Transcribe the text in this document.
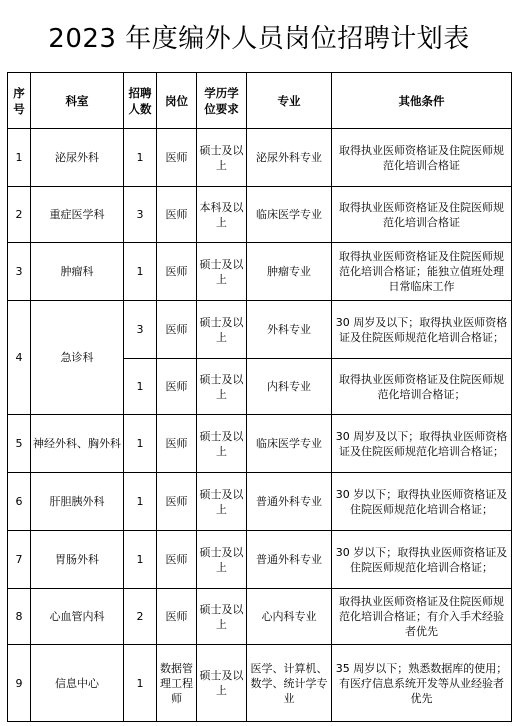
2023 年度编外人员岗位招聘计划表
序号	科室	招聘人数	岗位	学历学位要求	专业	其他条件
1	泌尿外科	1	医师	硕士及以上	泌尿外科专业	取得执业医师资格证及住院医师规范化培训合格证
2	重症医学科	3	医师	本科及以上	临床医学专业	取得执业医师资格证及住院医师规范化培训合格证
3	肿瘤科	1	医师	硕士及以上	肿瘤专业	取得执业医师资格证及住院医师规范化培训合格证；能独立值班处理日常临床工作
4	急诊科	3	医师	硕士及以上	外科专业	30 周岁及以下；取得执业医师资格证及住院医师规范化培训合格证；
		1	医师	硕士及以上	内科专业	取得执业医师资格证及住院医师规范化培训合格证；
5	神经外科、胸外科	1	医师	硕士及以上	临床医学专业	30 周岁及以下；取得执业医师资格证及住院医师规范化培训合格证；
6	肝胆胰外科	1	医师	硕士及以上	普通外科专业	30 岁以下；取得执业医师资格证及住院医师规范化培训合格证；
7	胃肠外科	1	医师	硕士及以上	普通外科专业	30 岁以下；取得执业医师资格证及住院医师规范化培训合格证；
8	心血管内科	2	医师	硕士及以上	心内科专业	取得执业医师资格证及住院医师规范化培训合格证；有介入手术经验者优先
9	信息中心	1	数据管理工程师	硕士及以上	医学、计算机、数学、统计学专业	35 周岁以下；熟悉数据库的使用；有医疗信息系统开发等从业经验者优先
